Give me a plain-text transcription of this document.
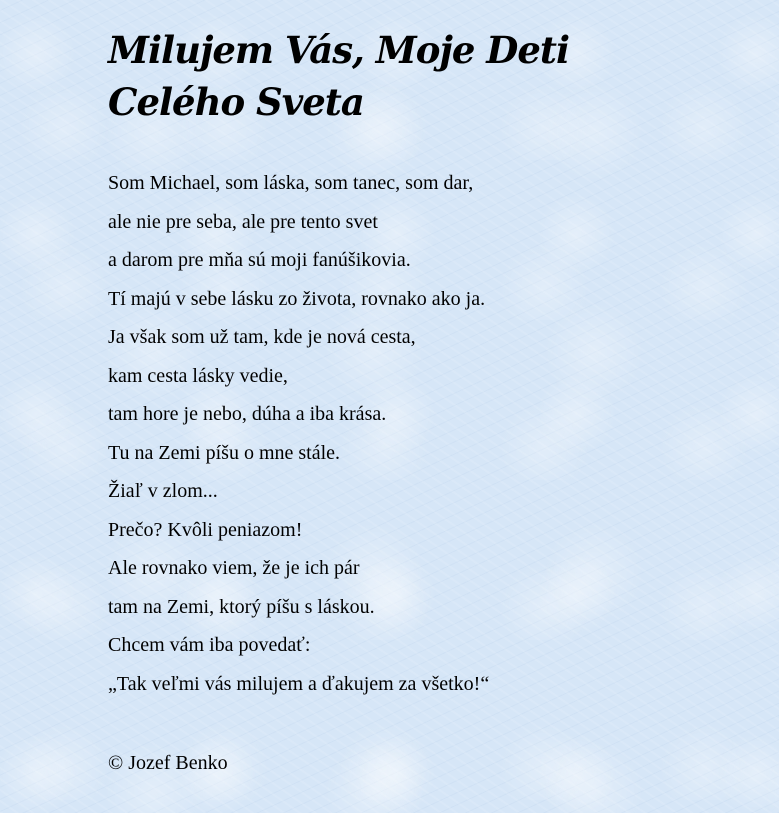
Milujem Vás, Moje Deti
Celého Sveta
Som Michael, som láska, som tanec, som dar,
ale nie pre seba, ale pre tento svet
a darom pre mňa sú moji fanúšikovia.
Tí majú v sebe lásku zo života, rovnako ako ja.
Ja však som už tam, kde je nová cesta,
kam cesta lásky vedie,
tam hore je nebo, dúha a iba krása.
Tu na Zemi píšu o mne stále.
Žiaľ v zlom...
Prečo? Kvôli peniazom!
Ale rovnako viem, že je ich pár
tam na Zemi, ktorý píšu s láskou.
Chcem vám iba povedať:
„Tak veľmi vás milujem a ďakujem za všetko!“
© Jozef Benko
